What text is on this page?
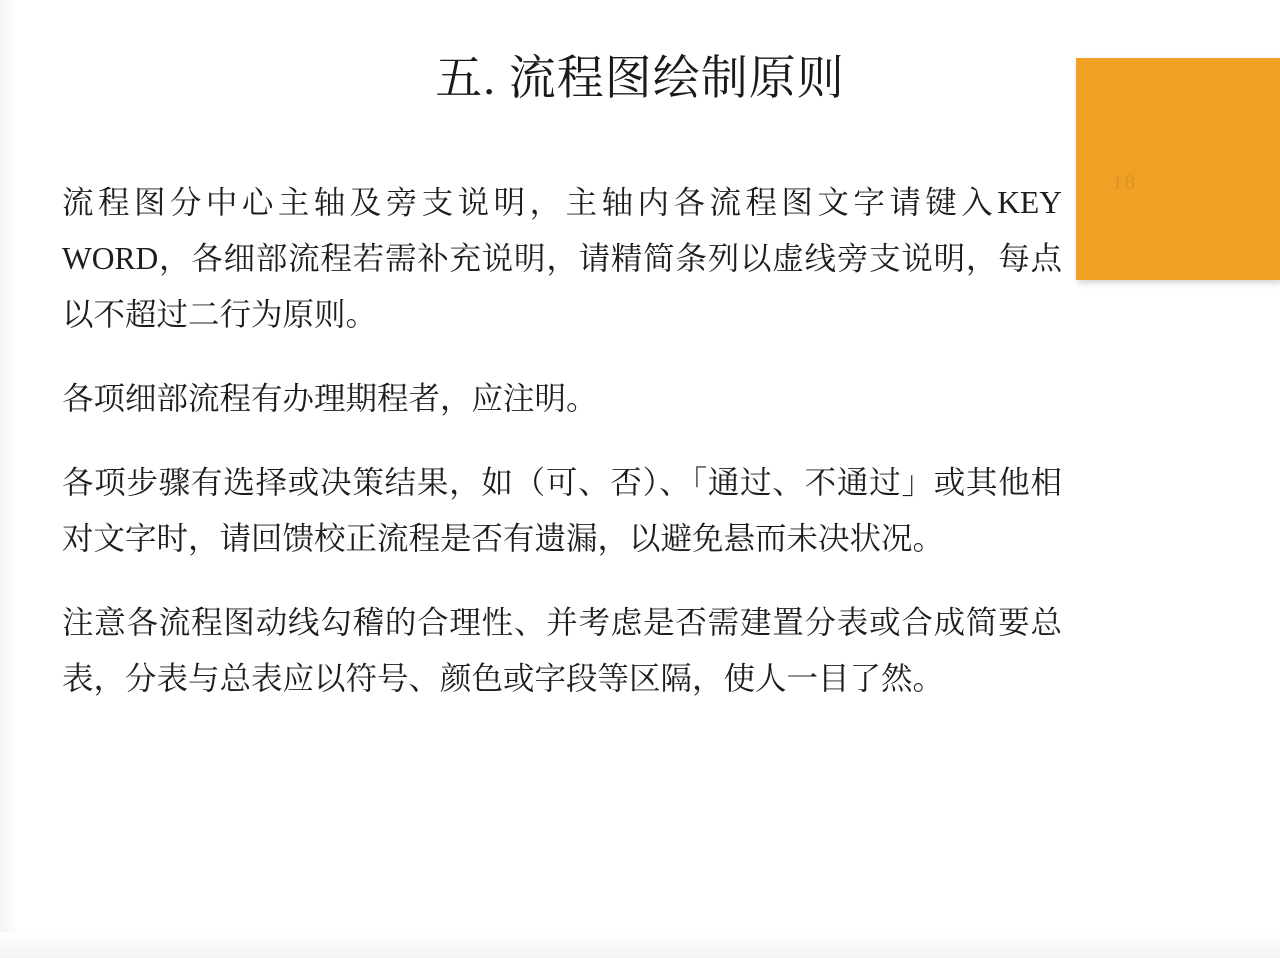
五. 流程图绘制原则
18

流程图分中心主轴及旁支说明，主轴内各流程图文字请键入KEY WORD，各细部流程若需补充说明，请精简条列以虚线旁支说明，每点以不超过二行为原则。

各项细部流程有办理期程者，应注明。

各项步骤有选择或决策结果，如（可、否）、「通过、不通过」或其他相对文字时，请回馈校正流程是否有遗漏，以避免悬而未决状况。

注意各流程图动线勾稽的合理性、并考虑是否需建置分表或合成简要总表，分表与总表应以符号、颜色或字段等区隔，使人一目了然。
